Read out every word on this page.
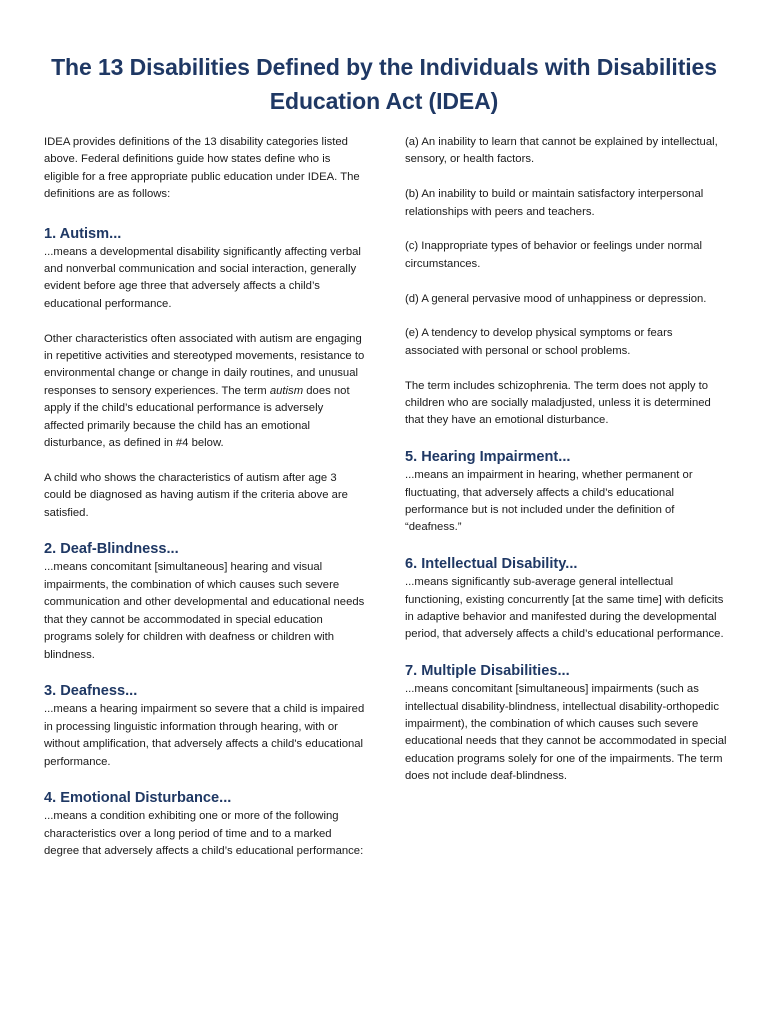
The 13 Disabilities Defined by the Individuals with Disabilities Education Act (IDEA)

IDEA provides definitions of the 13 disability categories listed above. Federal definitions guide how states define who is eligible for a free appropriate public education under IDEA. The definitions are as follows:

1. Autism...

...means a developmental disability significantly affecting verbal and nonverbal communication and social interaction, generally evident before age three that adversely affects a child’s educational performance.

Other characteristics often associated with autism are engaging in repetitive activities and stereotyped movements, resistance to environmental change or change in daily routines, and unusual responses to sensory experiences. The term autism does not apply if the child’s educational performance is adversely affected primarily because the child has an emotional disturbance, as defined in #4 below.

A child who shows the characteristics of autism after age 3 could be diagnosed as having autism if the criteria above are satisfied.

2. Deaf-Blindness...

...means concomitant [simultaneous] hearing and visual impairments, the combination of which causes such severe communication and other developmental and educational needs that they cannot be accommodated in special education programs solely for children with deafness or children with blindness.

3. Deafness...

...means a hearing impairment so severe that a child is impaired in processing linguistic information through hearing, with or without amplification, that adversely affects a child's educational performance.

4. Emotional Disturbance...

...means a condition exhibiting one or more of the following characteristics over a long period of time and to a marked degree that adversely affects a child’s educational performance:

(a) An inability to learn that cannot be explained by intellectual, sensory, or health factors.

(b) An inability to build or maintain satisfactory interpersonal relationships with peers and teachers.

(c) Inappropriate types of behavior or feelings under normal circumstances.

(d) A general pervasive mood of unhappiness or depression.

(e) A tendency to develop physical symptoms or fears associated with personal or school problems.

The term includes schizophrenia. The term does not apply to children who are socially maladjusted, unless it is determined that they have an emotional disturbance.

5. Hearing Impairment...

...means an impairment in hearing, whether permanent or fluctuating, that adversely affects a child’s educational performance but is not included under the definition of “deafness.”

6. Intellectual Disability...

...means significantly sub-average general intellectual functioning, existing concurrently [at the same time] with deficits in adaptive behavior and manifested during the developmental period, that adversely affects a child’s educational performance.

7. Multiple Disabilities...

...means concomitant [simultaneous] impairments (such as intellectual disability-blindness, intellectual disability-orthopedic impairment), the combination of which causes such severe educational needs that they cannot be accommodated in special education programs solely for one of the impairments. The term does not include deaf-blindness.
